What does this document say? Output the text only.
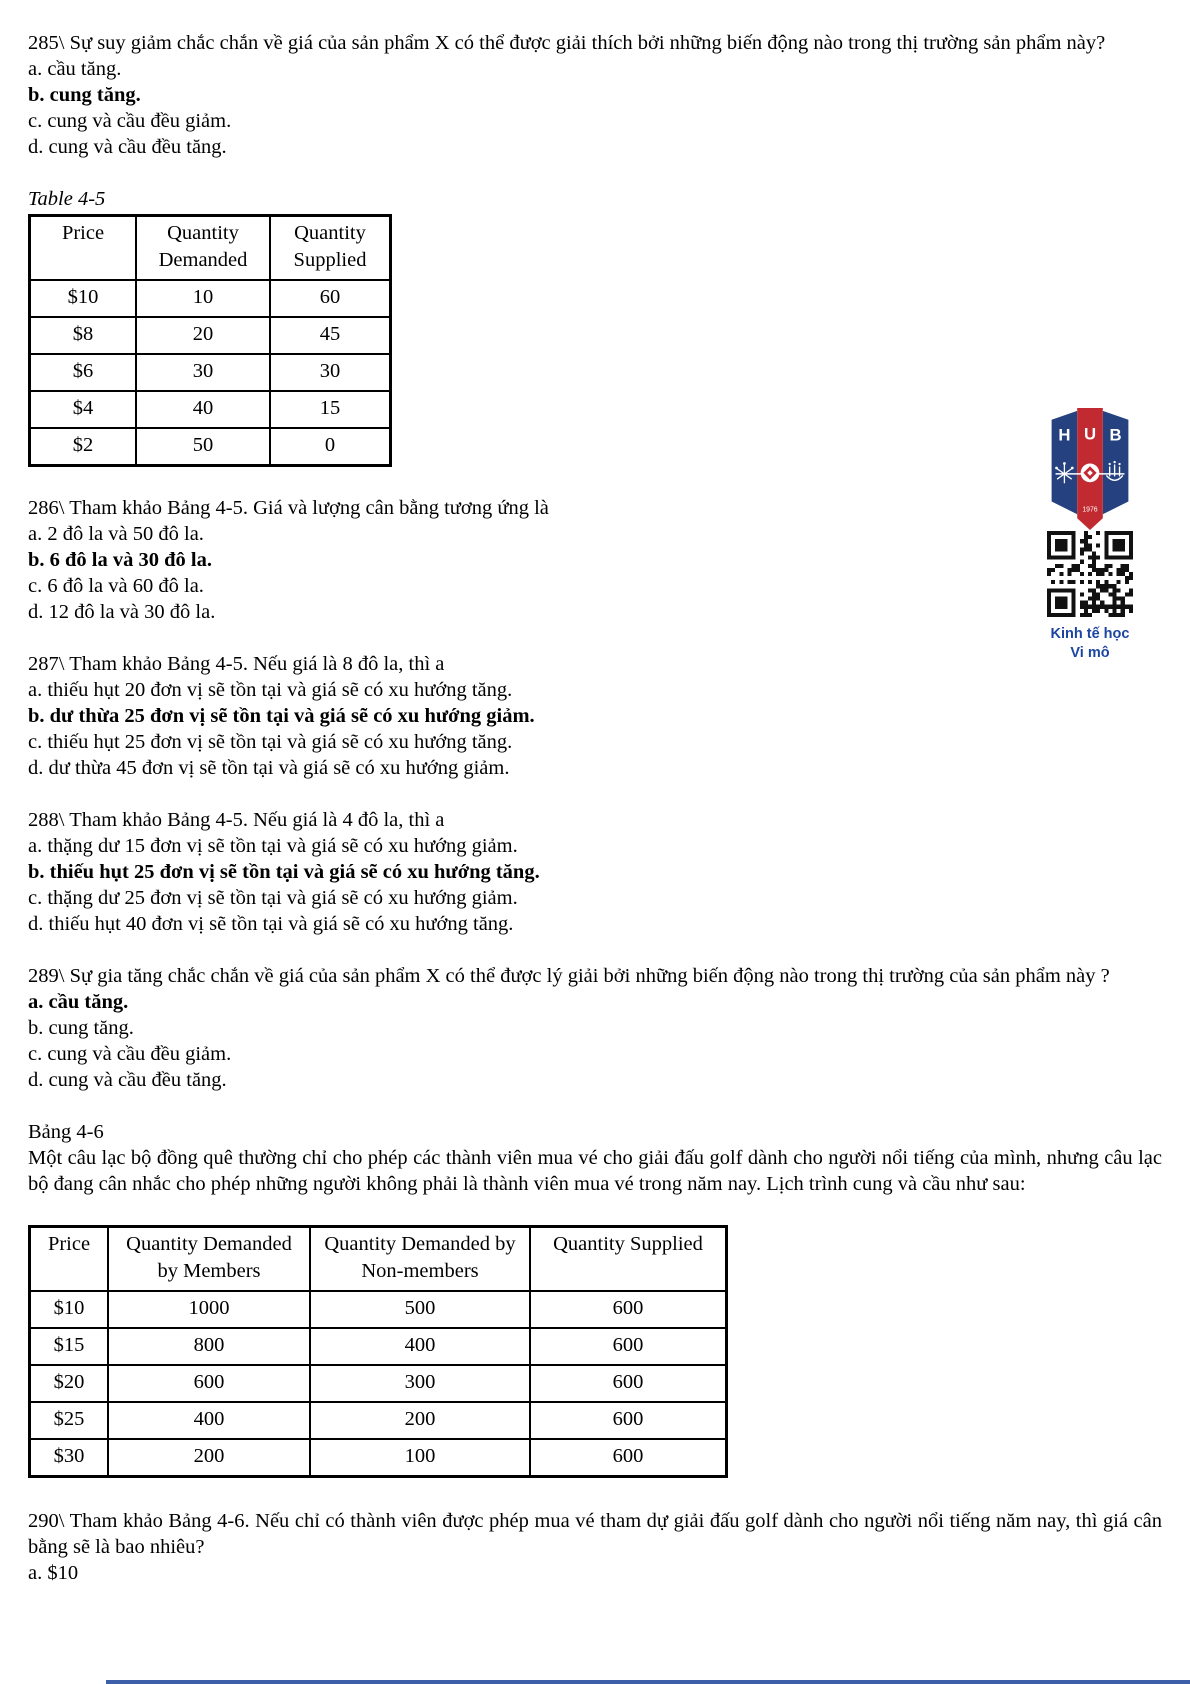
285\ Sự suy giảm chắc chắn về giá của sản phẩm X có thể được giải thích bởi những biến động nào trong thị trường sản phẩm này?

a. cầu tăng.

b. cung tăng.

c. cung và cầu đều giảm.

d. cung và cầu đều tăng.

Table 4-5

Price	Quantity Demanded	Quantity Supplied
$10	10	60
$8	20	45
$6	30	30
$4	40	15
$2	50	0

286\ Tham khảo Bảng 4-5. Giá và lượng cân bằng tương ứng là

a. 2 đô la và 50 đô la.

b. 6 đô la và 30 đô la.

c. 6 đô la và 60 đô la.

d. 12 đô la và 30 đô la.

287\ Tham khảo Bảng 4-5. Nếu giá là 8 đô la, thì a

a. thiếu hụt 20 đơn vị sẽ tồn tại và giá sẽ có xu hướng tăng.

b. dư thừa 25 đơn vị sẽ tồn tại và giá sẽ có xu hướng giảm.

c. thiếu hụt 25 đơn vị sẽ tồn tại và giá sẽ có xu hướng tăng.

d. dư thừa 45 đơn vị sẽ tồn tại và giá sẽ có xu hướng giảm.

288\ Tham khảo Bảng 4-5. Nếu giá là 4 đô la, thì a

a. thặng dư 15 đơn vị sẽ tồn tại và giá sẽ có xu hướng giảm.

b. thiếu hụt 25 đơn vị sẽ tồn tại và giá sẽ có xu hướng tăng.

c. thặng dư 25 đơn vị sẽ tồn tại và giá sẽ có xu hướng giảm.

d. thiếu hụt 40 đơn vị sẽ tồn tại và giá sẽ có xu hướng tăng.

289\ Sự gia tăng chắc chắn về giá của sản phẩm X có thể được lý giải bởi những biến động nào trong thị trường của sản phẩm này ?

a. cầu tăng.

b. cung tăng.

c. cung và cầu đều giảm.

d. cung và cầu đều tăng.

Bảng 4-6

Một câu lạc bộ đồng quê thường chỉ cho phép các thành viên mua vé cho giải đấu golf dành cho người nổi tiếng của mình, nhưng câu lạc bộ đang cân nhắc cho phép những người không phải là thành viên mua vé trong năm nay. Lịch trình cung và cầu như sau:

Price	Quantity Demanded by Members	Quantity Demanded by Non-members	Quantity Supplied
$10	1000	500	600
$15	800	400	600
$20	600	300	600
$25	400	200	600
$30	200	100	600

290\ Tham khảo Bảng 4-6. Nếu chỉ có thành viên được phép mua vé tham dự giải đấu golf dành cho người nổi tiếng năm nay, thì giá cân bằng sẽ là bao nhiêu?

a. $10

H U B
1976
Kinh tế học
Vi mô
